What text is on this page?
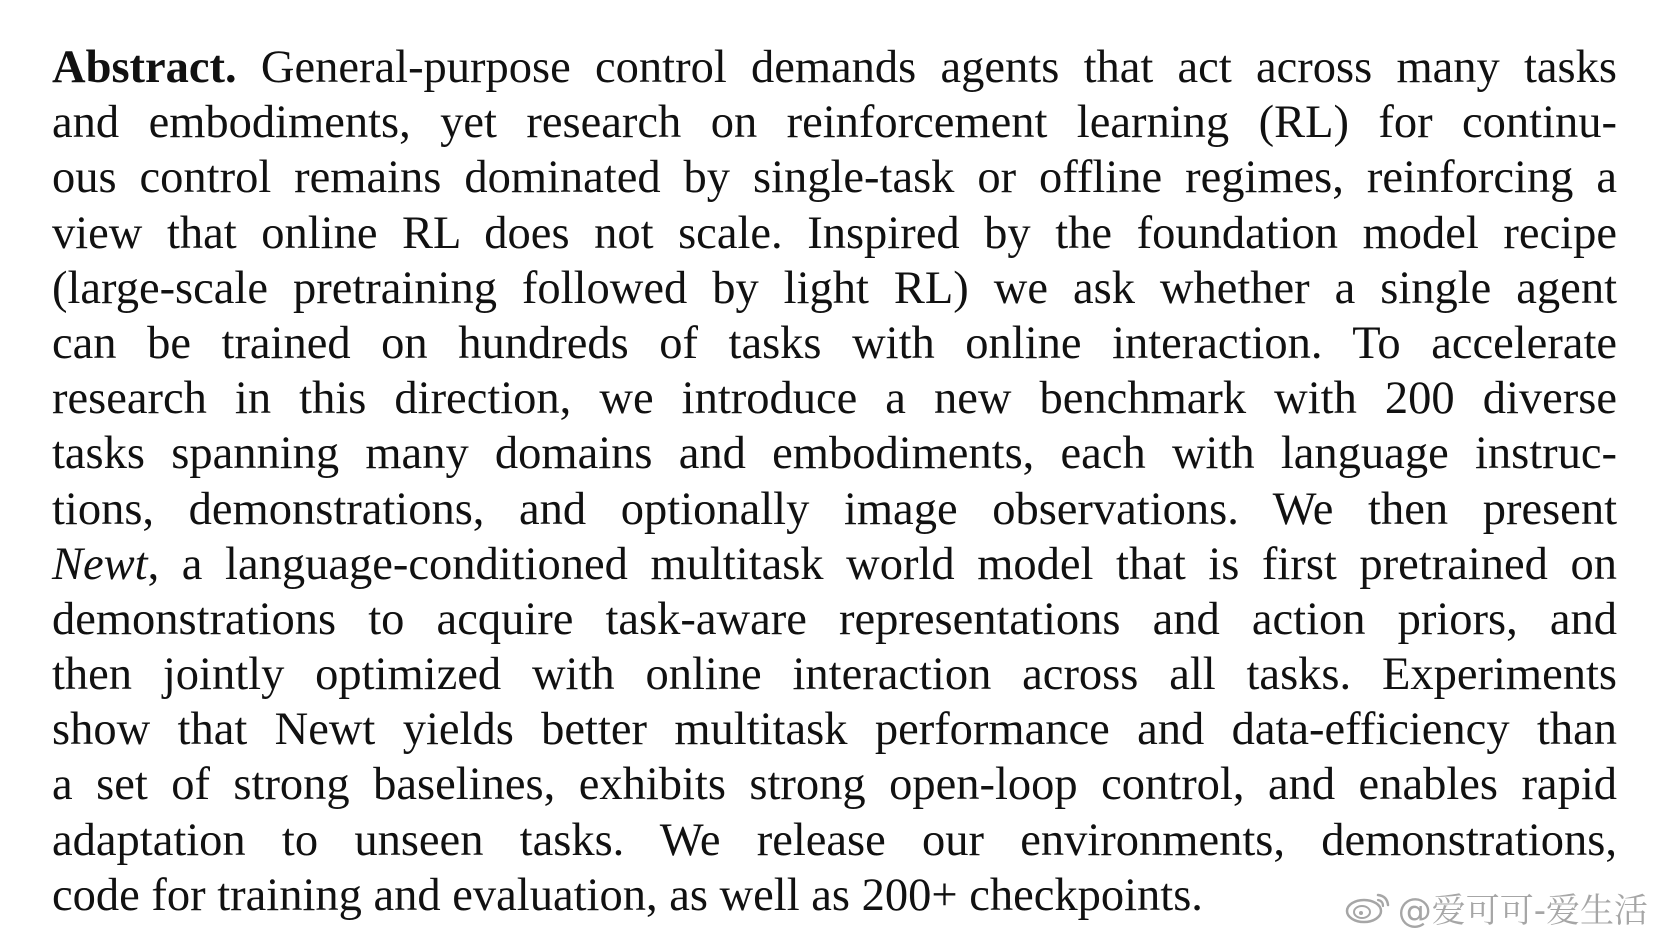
Abstract. General-purpose control demands agents that act across many tasks
and embodiments, yet research on reinforcement learning (RL) for continu-
ous control remains dominated by single-task or offline regimes, reinforcing a
view that online RL does not scale. Inspired by the foundation model recipe
(large-scale pretraining followed by light RL) we ask whether a single agent
can be trained on hundreds of tasks with online interaction. To accelerate
research in this direction, we introduce a new benchmark with 200 diverse
tasks spanning many domains and embodiments, each with language instruc-
tions, demonstrations, and optionally image observations. We then present
Newt, a language-conditioned multitask world model that is first pretrained on
demonstrations to acquire task-aware representations and action priors, and
then jointly optimized with online interaction across all tasks. Experiments
show that Newt yields better multitask performance and data-efficiency than
a set of strong baselines, exhibits strong open-loop control, and enables rapid
adaptation to unseen tasks. We release our environments, demonstrations,
code for training and evaluation, as well as 200+ checkpoints.	@爱可可-爱生活
